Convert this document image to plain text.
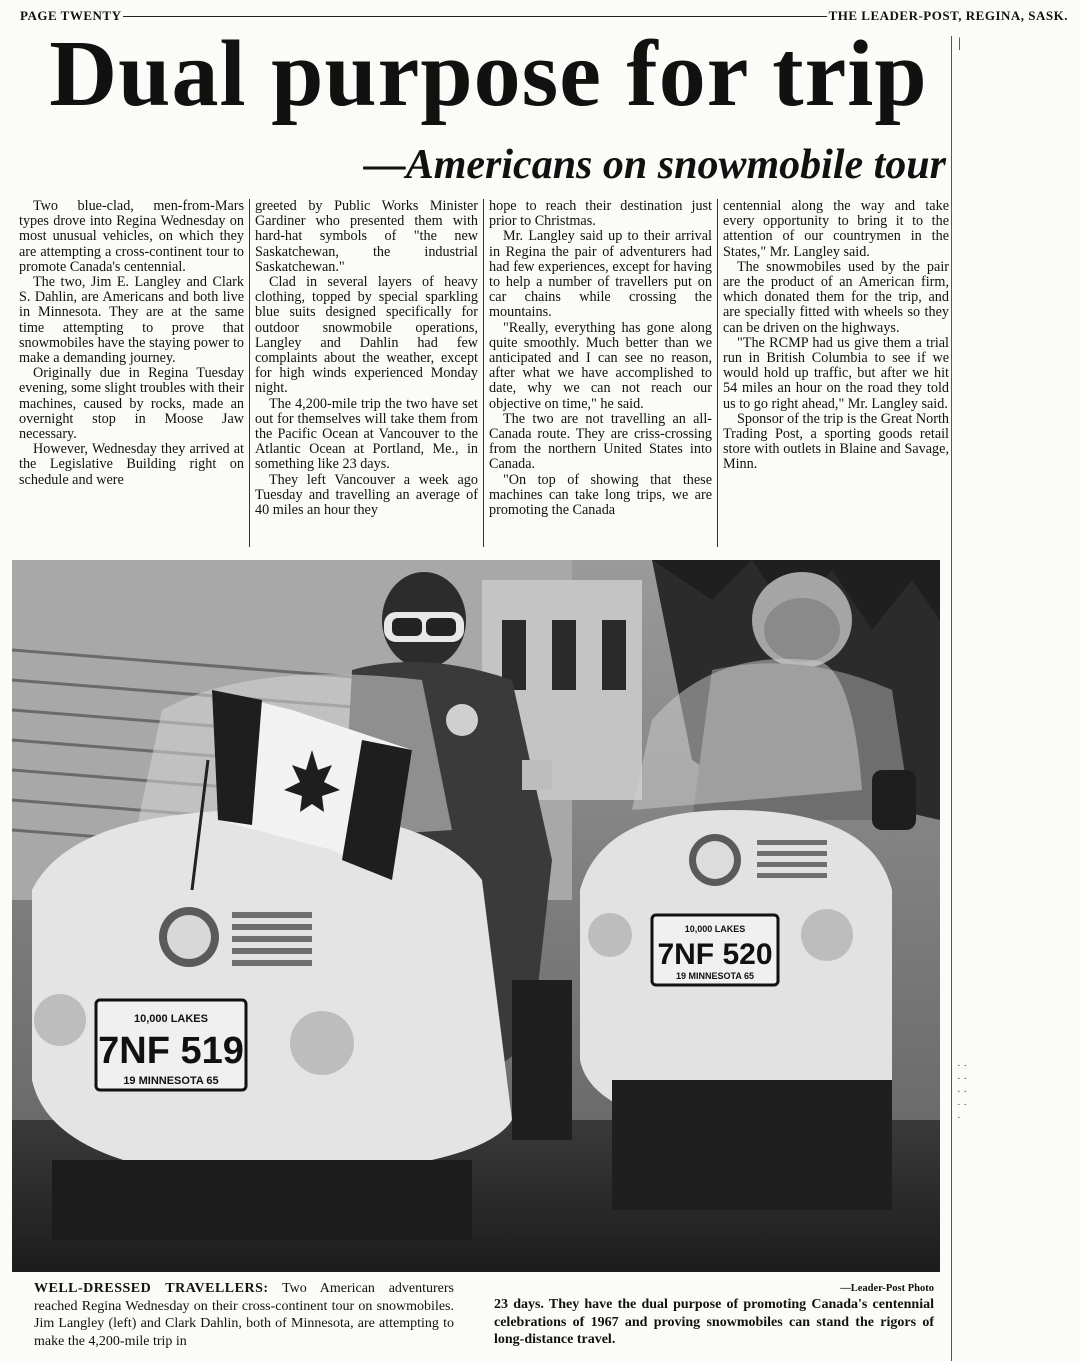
PAGE TWENTY	THE LEADER-POST, REGINA, SASK.
|
Dual purpose for trip
—Americans on snowmobile tour

Two blue-clad, men-from-Mars types drove into Regina Wednesday on most unusual vehicles, on which they are attempting a cross-continent tour to promote Canada's centennial.

The two, Jim E. Langley and Clark S. Dahlin, are Americans and both live in Minnesota. They are at the same time attempting to prove that snowmobiles have the staying power to make a demanding journey.

Originally due in Regina Tuesday evening, some slight troubles with their machines, caused by rocks, made an overnight stop in Moose Jaw necessary.

However, Wednesday they arrived at the Legislative Building right on schedule and were

greeted by Public Works Minister Gardiner who presented them with hard-hat symbols of "the new Saskatchewan, the industrial Saskatchewan."

Clad in several layers of heavy clothing, topped by special sparkling blue suits designed specifically for outdoor snowmobile operations, Langley and Dahlin had few complaints about the weather, except for high winds experienced Monday night.

The 4,200-mile trip the two have set out for themselves will take them from the Pacific Ocean at Vancouver to the Atlantic Ocean at Portland, Me., in something like 23 days.

They left Vancouver a week ago Tuesday and travelling an average of 40 miles an hour they

hope to reach their destination just prior to Christmas.

Mr. Langley said up to their arrival in Regina the pair of adventurers had had few experiences, except for having to help a number of travellers put on car chains while crossing the mountains.

"Really, everything has gone along quite smoothly. Much better than we anticipated and I can see no reason, after what we have accomplished to date, why we can not reach our objective on time," he said.

The two are not travelling an all-Canada route. They are criss-crossing from the northern United States into Canada.

"On top of showing that these machines can take long trips, we are promoting the Canada

centennial along the way and take every opportunity to bring it to the attention of our countrymen in the States," Mr. Langley said.

The snowmobiles used by the pair are the product of an American firm, which donated them for the trip, and are specially fitted with wheels so they can be driven on the highways.

"The RCMP had us give them a trial run in British Columbia to see if we would hold up traffic, but after we hit 54 miles an hour on the road they told us to go right ahead," Mr. Langley said.

Sponsor of the trip is the Great North Trading Post, a sporting goods retail store with outlets in Blaine and Savage, Minn.

10,000 LAKES
7NF 519
19 MINNESOTA 65
10,000 LAKES
7NF 520
19 MINNESOTA 65
WELL-DRESSED TRAVELLERS: Two American adventurers reached Regina Wednesday on their cross-continent tour on snowmobiles. Jim Langley (left) and Clark Dahlin, both of Minnesota, are attempting to make the 4,200-mile trip in
—Leader-Post Photo
23 days. They have the dual purpose of promoting Canada's centennial celebrations of 1967 and proving snowmobiles can stand the rigors of long-distance travel.
· · · · · · · · ·
